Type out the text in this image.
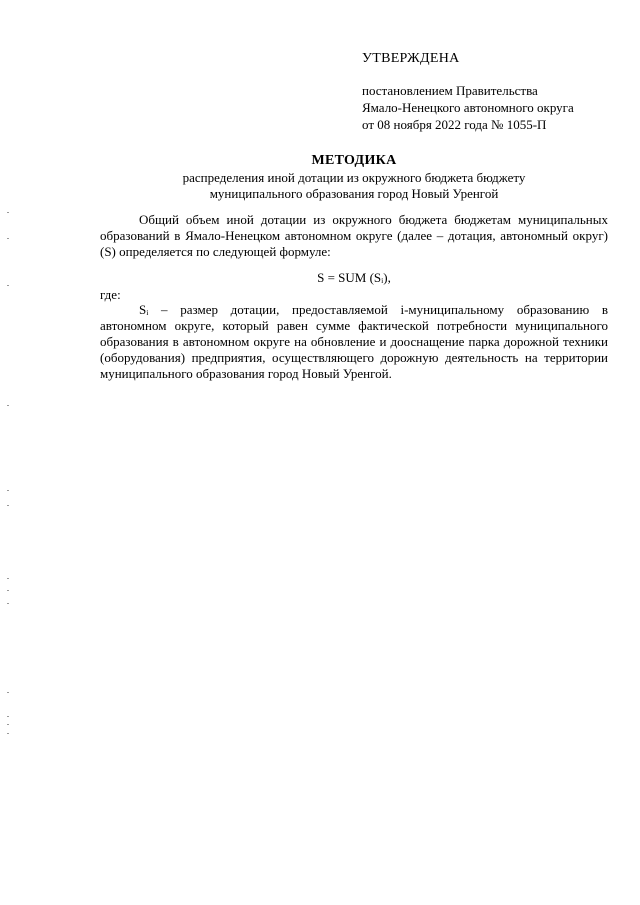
УТВЕРЖДЕНА
постановлением Правительства
Ямало-Ненецкого автономного округа
от 08 ноября 2022 года № 1055-П
МЕТОДИКА
распределения иной дотации из окружного бюджета бюджету
муниципального образования город Новый Уренгой
Общий объем иной дотации из окружного бюджета бюджетам муниципальных образований в Ямало-Ненецком автономном округе (далее – дотация, автономный округ) (S) определяется по следующей формуле:
S = SUM (Sᵢ),
где:
Sᵢ – размер дотации, предоставляемой i-муниципальному образованию в автономном округе, который равен сумме фактической потребности муниципального образования в автономном округе на обновление и дооснащение парка дорожной техники (оборудования) предприятия, осуществляющего дорожную деятельность на территории муниципального образования город Новый Уренгой.
